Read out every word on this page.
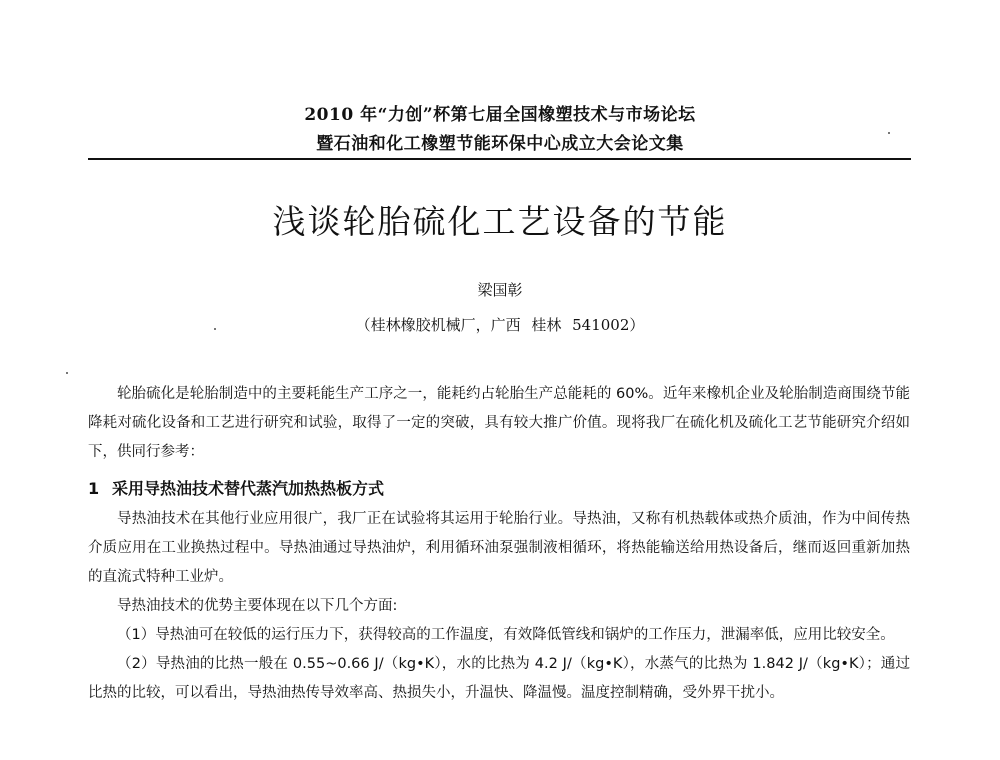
2010 年“力创”杯第七届全国橡塑技术与市场论坛
暨石油和化工橡塑节能环保中心成立大会论文集
浅谈轮胎硫化工艺设备的节能
梁国彰
（桂林橡胶机械厂，广西 桂林 541002）

轮胎硫化是轮胎制造中的主要耗能生产工序之一，能耗约占轮胎生产总能耗的 60%。近年来橡机企业及轮胎制造商围绕节能降耗对硫化设备和工艺进行研究和试验，取得了一定的突破，具有较大推广价值。现将我厂在硫化机及硫化工艺节能研究介绍如下，供同行参考：

1 采用导热油技术替代蒸汽加热热板方式

导热油技术在其他行业应用很广，我厂正在试验将其运用于轮胎行业。导热油，又称有机热载体或热介质油，作为中间传热介质应用在工业换热过程中。导热油通过导热油炉，利用循环油泵强制液相循环，将热能输送给用热设备后，继而返回重新加热的直流式特种工业炉。

导热油技术的优势主要体现在以下几个方面:

（1）导热油可在较低的运行压力下，获得较高的工作温度，有效降低管线和锅炉的工作压力，泄漏率低，应用比较安全。

（2）导热油的比热一般在 0.55~0.66 J/（kg•K），水的比热为 4.2 J/（kg•K），水蒸气的比热为 1.842 J/（kg•K）；通过比热的比较，可以看出，导热油热传导效率高、热损失小，升温快、降温慢。温度控制精确，受外界干扰小。
